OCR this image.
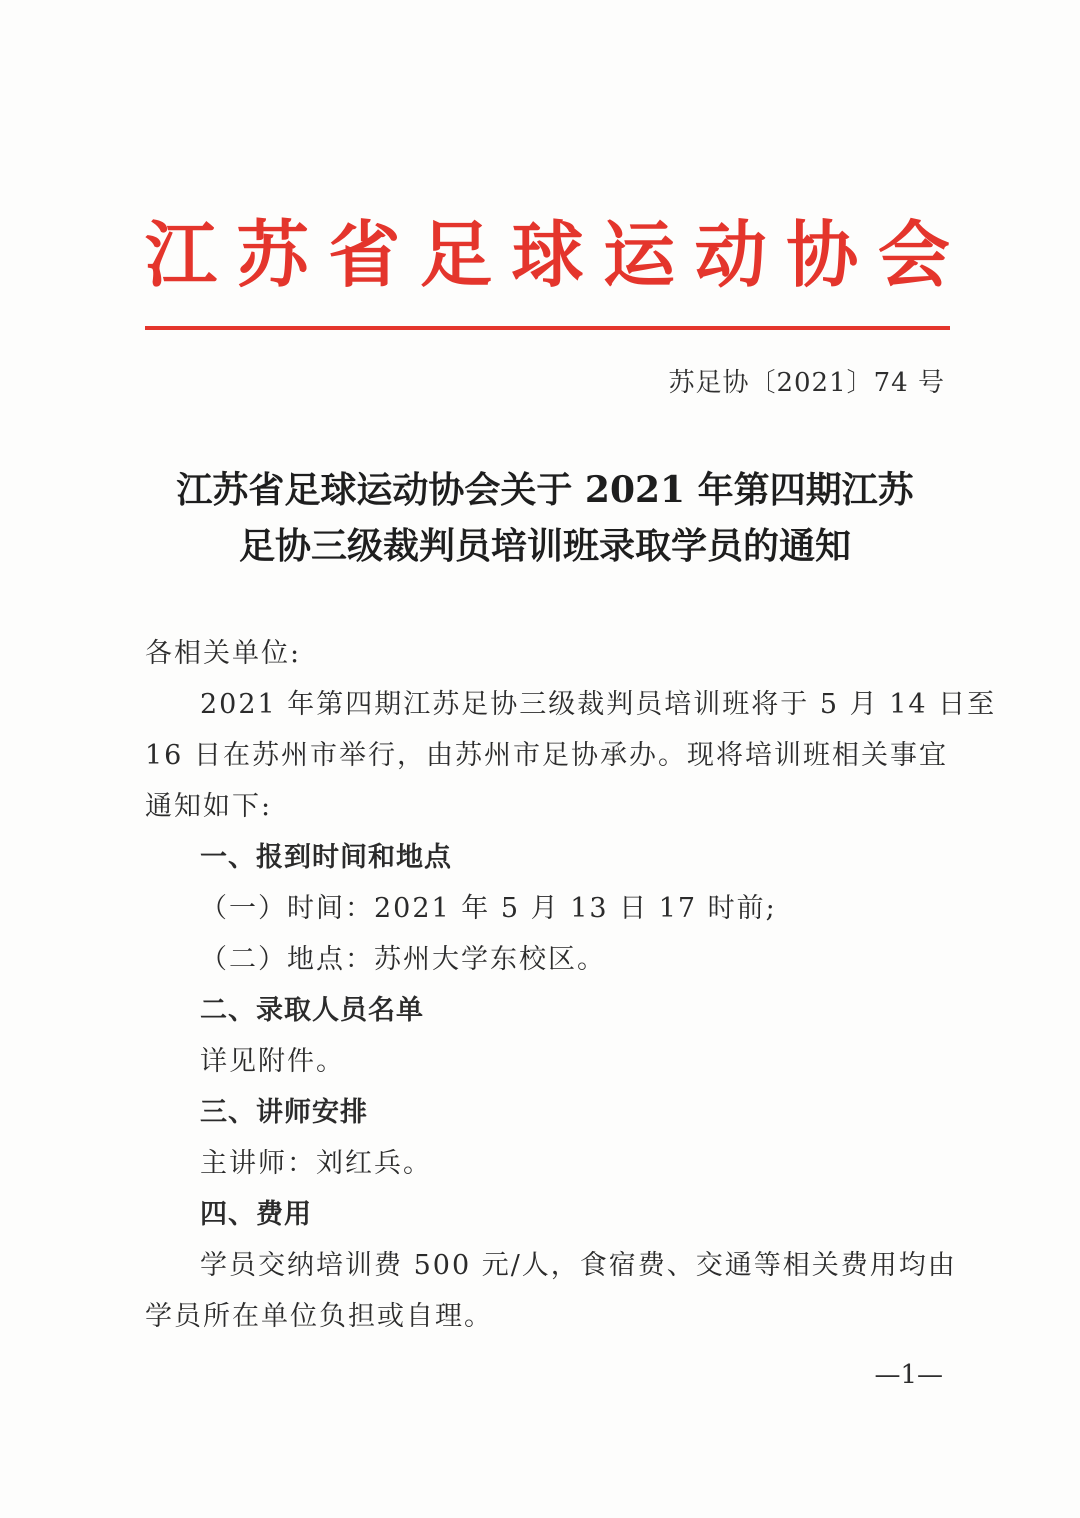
江 苏 省 足 球 运 动 协 会
苏足协〔2021〕74 号
江苏省足球运动协会关于 2021 年第四期江苏
足协三级裁判员培训班录取学员的通知

各相关单位:

2021 年第四期江苏足协三级裁判员培训班将于 5 月 14 日至

16 日在苏州市举行，由苏州市足协承办。现将培训班相关事宜

通知如下:

一、报到时间和地点

（一）时间：2021 年 5 月 13 日 17 时前;

（二）地点：苏州大学东校区。

二、录取人员名单

详见附件。

三、讲师安排

主讲师：刘红兵。

四、费用

学员交纳培训费 500 元/人，食宿费、交通等相关费用均由

学员所在单位负担或自理。

—1—
